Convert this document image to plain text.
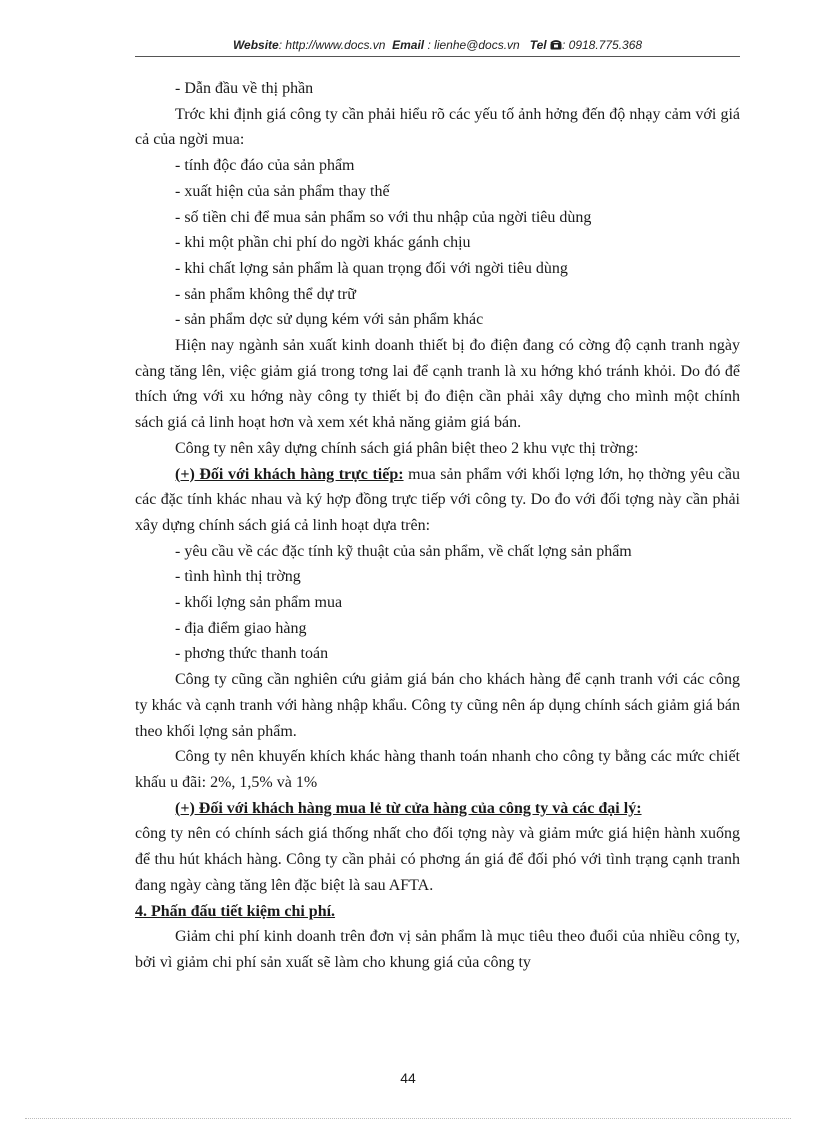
Website: http://www.docs.vn Email : lienhe@docs.vn Tel : 0918.775.368

- Dẫn đầu về thị phần

Trớc khi định giá công ty cần phải hiểu rõ các yếu tố ảnh hởng đến độ nhạy cảm với giá cả của ngời mua:

- tính độc đáo của sản phẩm

- xuất hiện của sản phẩm thay thế

- số tiền chi để mua sản phẩm so với thu nhập của ngời tiêu dùng

- khi một phần chi phí do ngời khác gánh chịu

- khi chất lợng sản phẩm là quan trọng đối với ngời tiêu dùng

- sản phẩm không thể dự trữ

- sản phẩm dợc sử dụng kém với sản phẩm khác

Hiện nay ngành sản xuất kinh doanh thiết bị đo điện đang có cờng độ cạnh tranh ngày càng tăng lên, việc giảm giá trong tơng lai để cạnh tranh là xu hớng khó tránh khỏi. Do đó để thích ứng với xu hớng này công ty thiết bị đo điện cần phải xây dựng cho mình một chính sách giá cả linh hoạt hơn và xem xét khả năng giảm giá bán.

Công ty nên xây dựng chính sách giá phân biệt theo 2 khu vực thị trờng:

(+) Đối với khách hàng trực tiếp: mua sản phẩm với khối lợng lớn, họ thờng yêu cầu các đặc tính khác nhau và ký hợp đồng trực tiếp với công ty. Do đo với đối tợng này cần phải xây dựng chính sách giá cả linh hoạt dựa trên:

- yêu cầu về các đặc tính kỹ thuật của sản phẩm, về chất lợng sản phẩm

- tình hình thị trờng

- khối lợng sản phẩm mua

- địa điểm giao hàng

- phơng thức thanh toán

Công ty cũng cần nghiên cứu giảm giá bán cho khách hàng để cạnh tranh với các công ty khác và cạnh tranh với hàng nhập khẩu. Công ty cũng nên áp dụng chính sách giảm giá bán theo khối lợng sản phẩm.

Công ty nên khuyến khích khác hàng thanh toán nhanh cho công ty bằng các mức chiết khấu u đãi: 2%, 1,5% và 1%

(+) Đối với khách hàng mua lẻ từ cửa hàng của công ty và các đại lý:

công ty nên có chính sách giá thống nhất cho đối tợng này và giảm mức giá hiện hành xuống để thu hút khách hàng. Công ty cần phải có phơng án giá để đối phó với tình trạng cạnh tranh đang ngày càng tăng lên đặc biệt là sau AFTA.

4. Phấn đấu tiết kiệm chi phí.

Giảm chi phí kinh doanh trên đơn vị sản phẩm là mục tiêu theo đuổi của nhiều công ty, bởi vì giảm chi phí sản xuất sẽ làm cho khung giá của công ty

44
